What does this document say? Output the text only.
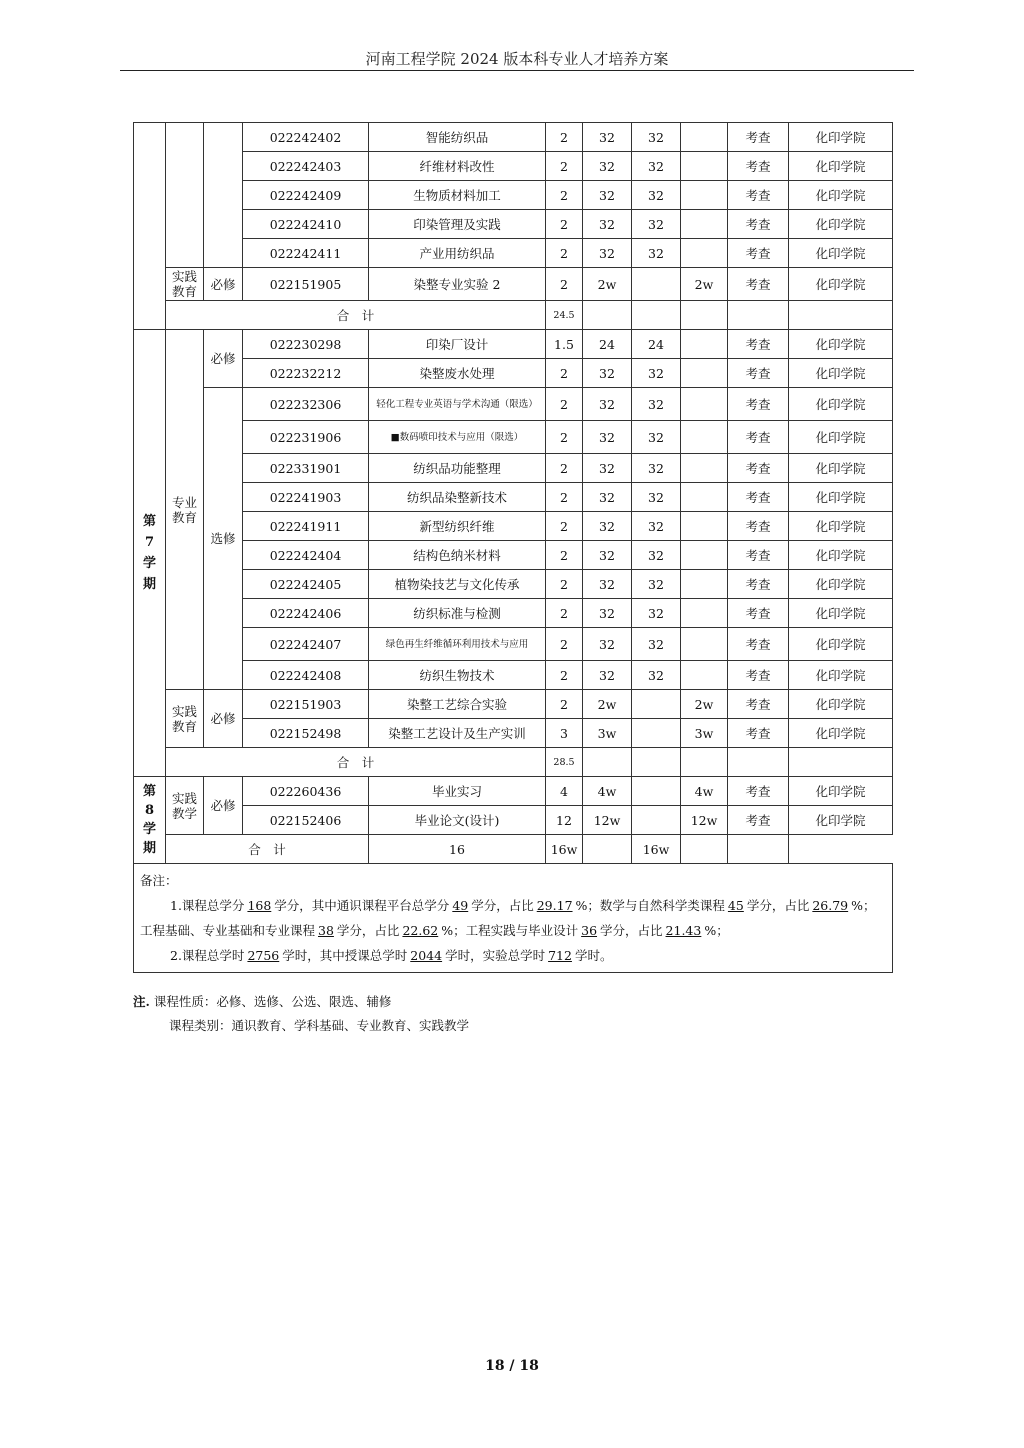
河南工程学院 2024 版本科专业人才培养方案
			022242402	智能纺织品	2	32	32		考查	化印学院
			022242403	纤维材料改性	2	32	32		考查	化印学院
			022242409	生物质材料加工	2	32	32		考查	化印学院
			022242410	印染管理及实践	2	32	32		考查	化印学院
			022242411	产业用纺织品	2	32	32		考查	化印学院
	实践教育	必修	022151905	染整专业实验 2	2	2w		2w	考查	化印学院
	合　计				24.5					
第
7
学
期	专业教育	必修	022230298	印染厂设计	1.5	24	24		考查	化印学院
			022232212	染整废水处理	2	32	32		考查	化印学院
		选修	022232306	轻化工程专业英语与学术沟通（限选）	2	32	32		考查	化印学院
			022231906	■数码喷印技术与应用（限选）	2	32	32		考查	化印学院
			022331901	纺织品功能整理	2	32	32		考查	化印学院
			022241903	纺织品染整新技术	2	32	32		考查	化印学院
			022241911	新型纺织纤维	2	32	32		考查	化印学院
			022242404	结构色纳米材料	2	32	32		考查	化印学院
			022242405	植物染技艺与文化传承	2	32	32		考查	化印学院
			022242406	纺织标准与检测	2	32	32		考查	化印学院
			022242407	绿色再生纤维循环利用技术与应用	2	32	32		考查	化印学院
			022242408	纺织生物技术	2	32	32		考查	化印学院
	实践教育	必修	022151903	染整工艺综合实验	2	2w		2w	考查	化印学院
			022152498	染整工艺设计及生产实训	3	3w		3w	考查	化印学院
	合　计				28.5					
第
8
学
期	实践教学	必修	022260436	毕业实习	4	4w		4w	考查	化印学院
			022152406	毕业论文(设计)	12	12w		12w	考查	化印学院
	合　计			16	16w		16w			

备注：
1.课程总学分 168 学分，其中通识课程平台总学分 49 学分，占比 29.17 %；数学与自然科学类课程 45 学分，占比 26.79 %；
工程基础、专业基础和专业课程 38 学分，占比 22.62 %；工程实践与毕业设计 36 学分，占比 21.43 %；
2.课程总学时 2756 学时，其中授课总学时 2044 学时，实验总学时 712 学时。										
注. 课程性质：必修、选修、公选、限选、辅修
课程类别：通识教育、学科基础、专业教育、实践教学
18 / 18
